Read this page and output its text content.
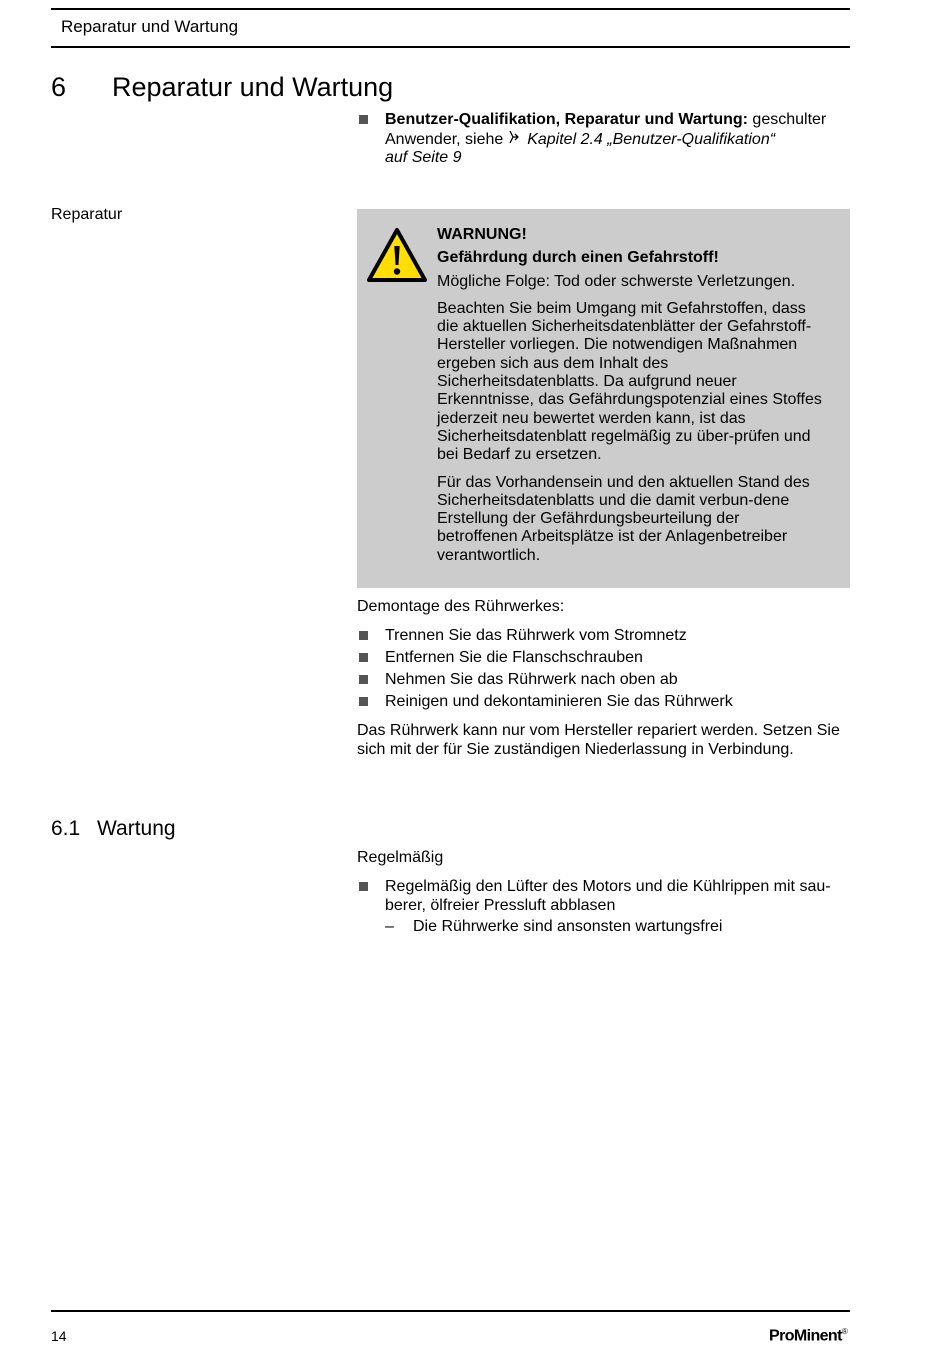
Reparatur und Wartung
6 Reparatur und Wartung
Benutzer-Qualifikation, Reparatur und Wartung: geschulter
Anwender, siehe  Kapitel 2.4 „Benutzer-Qualifikation“
auf Seite 9
Reparatur

WARNUNG!

Gefährdung durch einen Gefahrstoff!

Mögliche Folge: Tod oder schwerste Verletzungen.

Beachten Sie beim Umgang mit Gefahrstoffen, dass die aktuellen Sicherheitsdatenblätter der Gefahrstoff-Hersteller vorliegen. Die notwendigen Maßnahmen ergeben sich aus dem Inhalt des Sicherheitsdatenblatts. Da aufgrund neuer Erkenntnisse, das Gefährdungspotenzial eines Stoffes jederzeit neu bewertet werden kann, ist das Sicherheitsdatenblatt regelmäßig zu über-prüfen und bei Bedarf zu ersetzen.

Für das Vorhandensein und den aktuellen Stand des Sicherheitsdatenblatts und die damit verbun-dene Erstellung der Gefährdungsbeurteilung der betroffenen Arbeitsplätze ist der Anlagenbetreiber verantwortlich.

Demontage des Rührwerkes:
Trennen Sie das Rührwerk vom Stromnetz
Entfernen Sie die Flanschschrauben
Nehmen Sie das Rührwerk nach oben ab
Reinigen und dekontaminieren Sie das Rührwerk
Das Rührwerk kann nur vom Hersteller repariert werden. Setzen Sie sich mit der für Sie zuständigen Niederlassung in Verbindung.
6.1 Wartung
Regelmäßig
Regelmäßig den Lüfter des Motors und die Kühlrippen mit sau-berer, ölfreier Pressluft abblasen
– Die Rührwerke sind ansonsten wartungsfrei
14	ProMinent®
